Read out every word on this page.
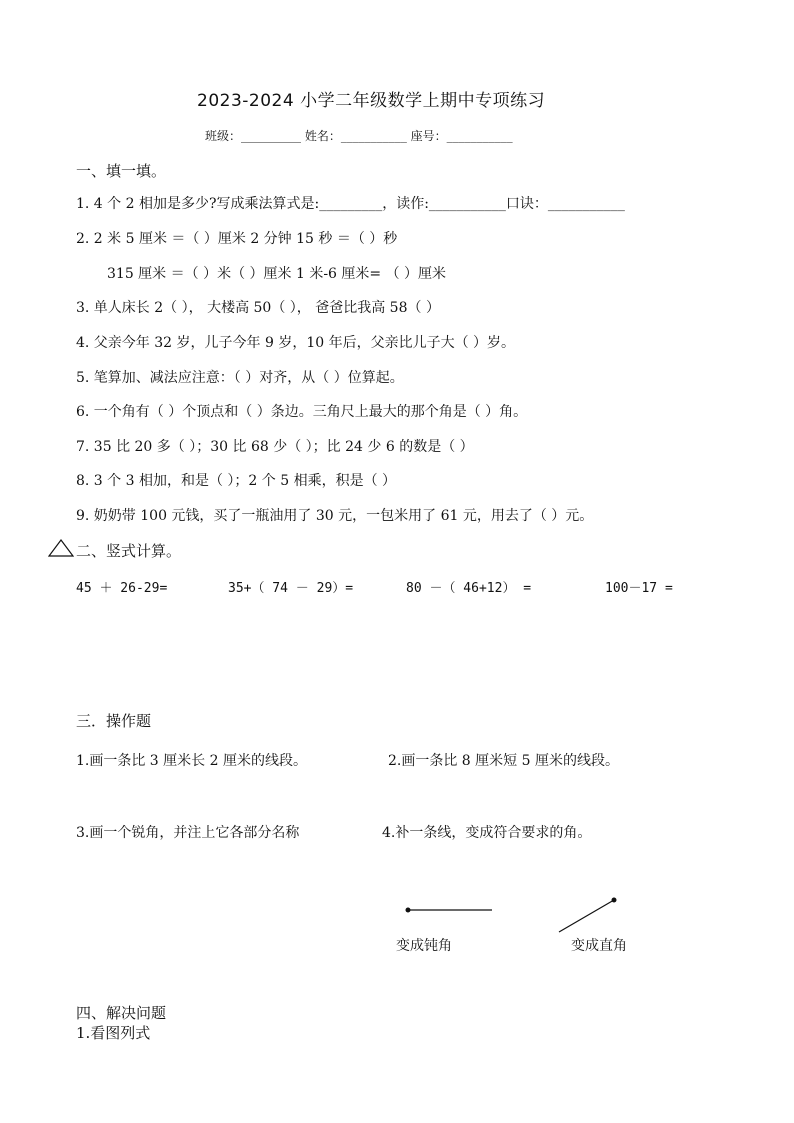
2023-2024 小学二年级数学上期中专项练习
班级：__________ 姓名：___________ 座号：___________
一、填一填。
1. 4 个 2 相加是多少?写成乘法算式是:_________，读作:___________口诀：___________
2. 2 米 5 厘米 ＝（ ）厘米 2 分钟 15 秒 ＝（ ）秒
315 厘米 ＝（ ）米（ ）厘米 1 米-6 厘米= （ ）厘米
3. 单人床长 2（ ）， 大楼高 50（ ）， 爸爸比我高 58（ ）
4. 父亲今年 32 岁，儿子今年 9 岁，10 年后，父亲比儿子大（ ）岁。
5. 笔算加、减法应注意：（ ）对齐，从（ ）位算起。
6. 一个角有（ ）个顶点和（ ）条边。三角尺上最大的那个角是（ ）角。
7. 35 比 20 多（ ）；30 比 68 少（ ）；比 24 少 6 的数是（ ）
8. 3 个 3 相加，和是（ ）；2 个 5 相乘，积是（ ）
9. 奶奶带 100 元钱，买了一瓶油用了 30 元，一包米用了 61 元，用去了（ ）元。
二、竖式计算。
45 ＋ 26-29=	35+（ 74 － 29）=	80 －（ 46+12） =	100－17 =
三．操作题
1.画一条比 3 厘米长 2 厘米的线段。	2.画一条比 8 厘米短 5 厘米的线段。
3.画一个锐角，并注上它各部分名称	4.补一条线，变成符合要求的角。
变成钝角	变成直角
四、解决问题
1.看图列式
